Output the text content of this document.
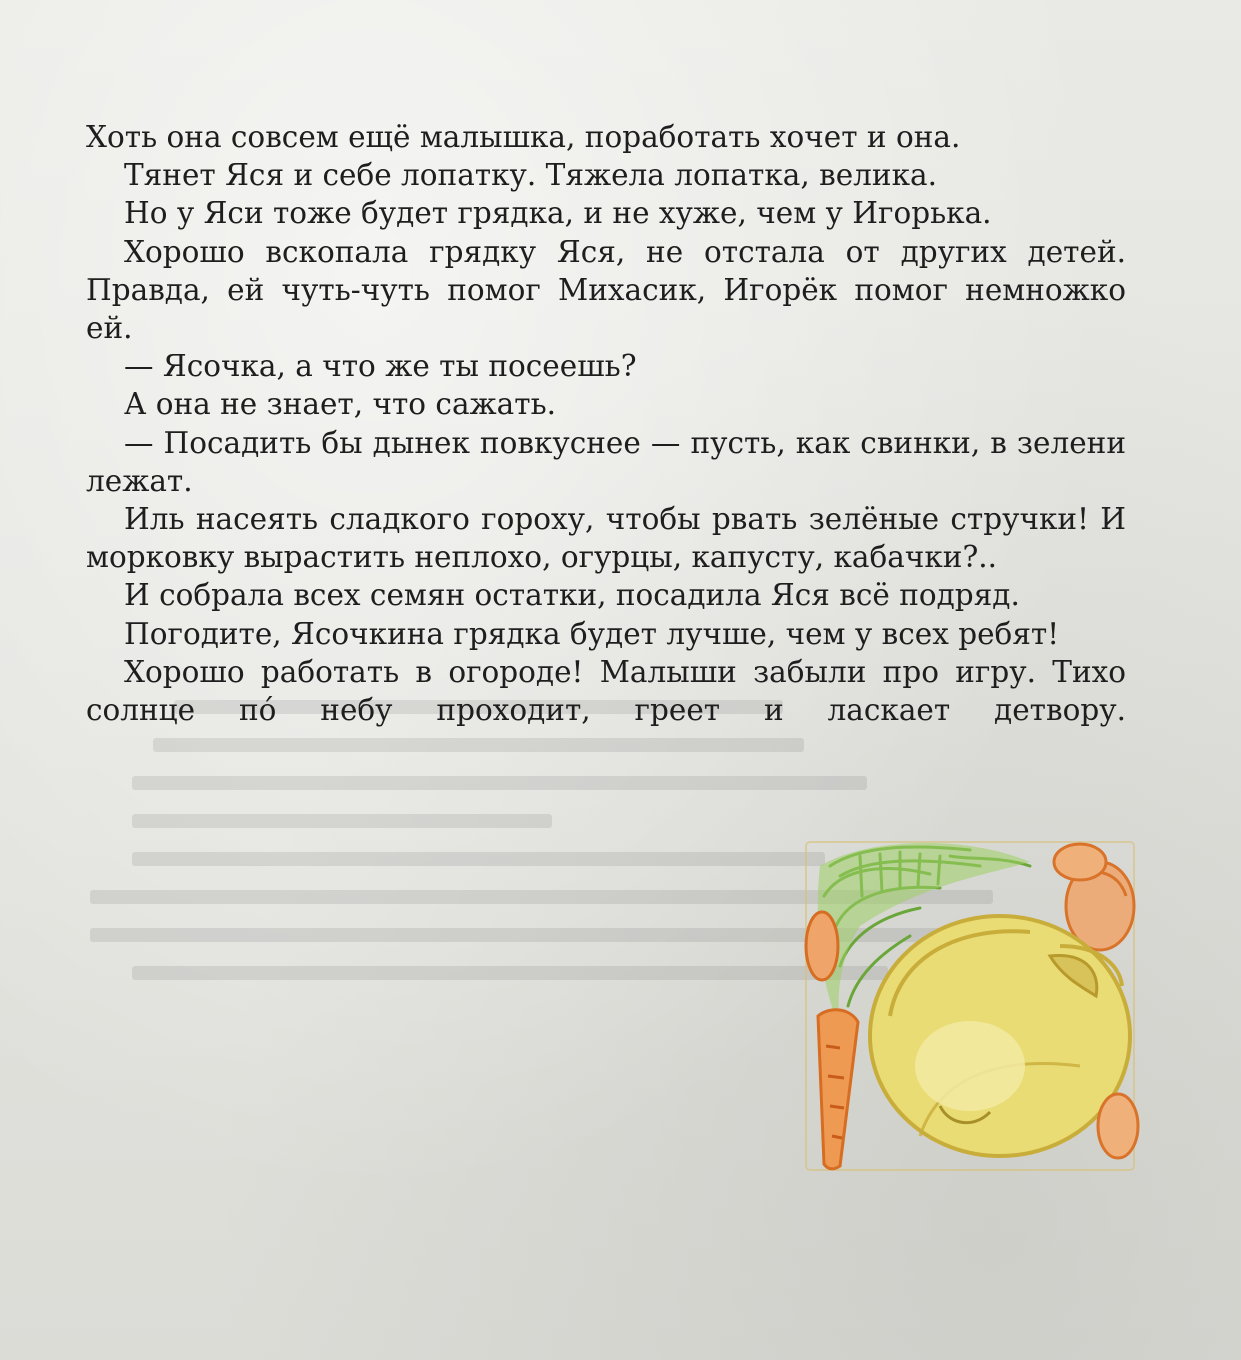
Хоть она совсем ещё малышка, поработать хочет и она.

Тянет Яся и себе лопатку. Тяжела лопатка, велика.

Но у Яси тоже будет грядка, и не хуже, чем у Игорька.

Хорошо вскопала грядку Яся, не отстала от других детей. Правда, ей чуть-чуть помог Михасик, Игорёк помог немножко ей.

— Ясочка, а что же ты посеешь?

А она не знает, что сажать.

— Посадить бы дынек повкуснее — пусть, как свинки, в зелени лежат.

Иль насеять сладкого гороху, чтобы рвать зелёные стручки! И морковку вырастить неплохо, огурцы, капусту, кабачки?..

И собрала всех семян остатки, посадила Яся всё подряд.

Погодите, Ясочкина грядка будет лучше, чем у всех ребят!

Хорошо работать в огороде! Малыши забыли про игру. Тихо солнце пó небу проходит, греет и ласкает детвору.
